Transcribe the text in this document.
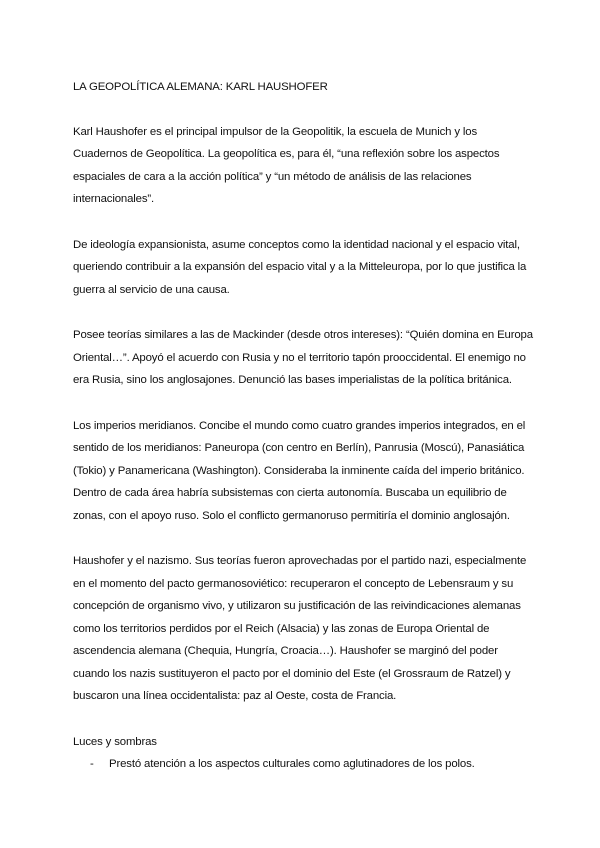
LA GEOPOLÍTICA ALEMANA: KARL HAUSHOFER

Karl Haushofer es el principal impulsor de la Geopolitik, la escuela de Munich y los Cuadernos de Geopolítica. La geopolítica es, para él, “una reflexión sobre los aspectos espaciales de cara a la acción política” y “un método de análisis de las relaciones internacionales”.

De ideología expansionista, asume conceptos como la identidad nacional y el espacio vital, queriendo contribuir a la expansión del espacio vital y a la Mitteleuropa, por lo que justifica la guerra al servicio de una causa.

Posee teorías similares a las de Mackinder (desde otros intereses): “Quién domina en Europa Oriental…”. Apoyó el acuerdo con Rusia y no el territorio tapón prooccidental. El enemigo no era Rusia, sino los anglosajones. Denunció las bases imperialistas de la política británica.

Los imperios meridianos. Concibe el mundo como cuatro grandes imperios integrados, en el sentido de los meridianos: Paneuropa (con centro en Berlín), Panrusia (Moscú), Panasiática (Tokio) y Panamericana (Washington). Consideraba la inminente caída del imperio británico. Dentro de cada área habría subsistemas con cierta autonomía. Buscaba un equilibrio de zonas, con el apoyo ruso. Solo el conflicto germanoruso permitiría el dominio anglosajón.

Haushofer y el nazismo. Sus teorías fueron aprovechadas por el partido nazi, especialmente en el momento del pacto germanosoviético: recuperaron el concepto de Lebensraum y su concepción de organismo vivo, y utilizaron su justificación de las reivindicaciones alemanas como los territorios perdidos por el Reich (Alsacia) y las zonas de Europa Oriental de ascendencia alemana (Chequia, Hungría, Croacia…). Haushofer se marginó del poder cuando los nazis sustituyeron el pacto por el dominio del Este (el Grossraum de Ratzel) y buscaron una línea occidentalista: paz al Oeste, costa de Francia.

Luces y sombras

- Prestó atención a los aspectos culturales como aglutinadores de los polos.
